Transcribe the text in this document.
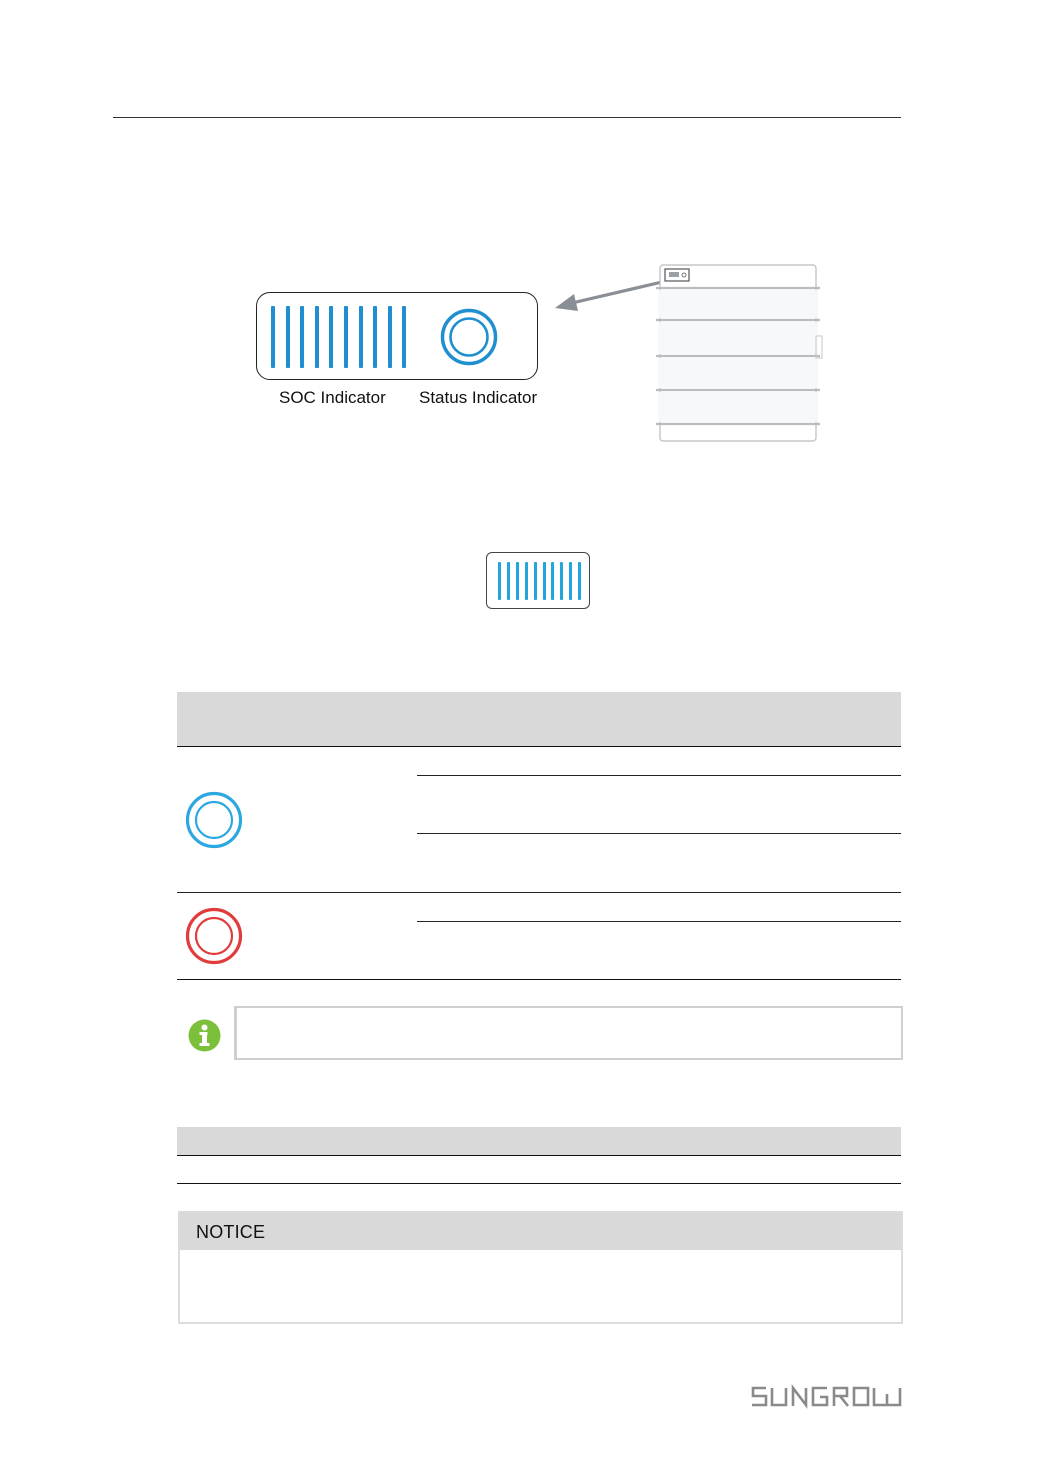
SOC Indicator Status Indicator
NOTICE
